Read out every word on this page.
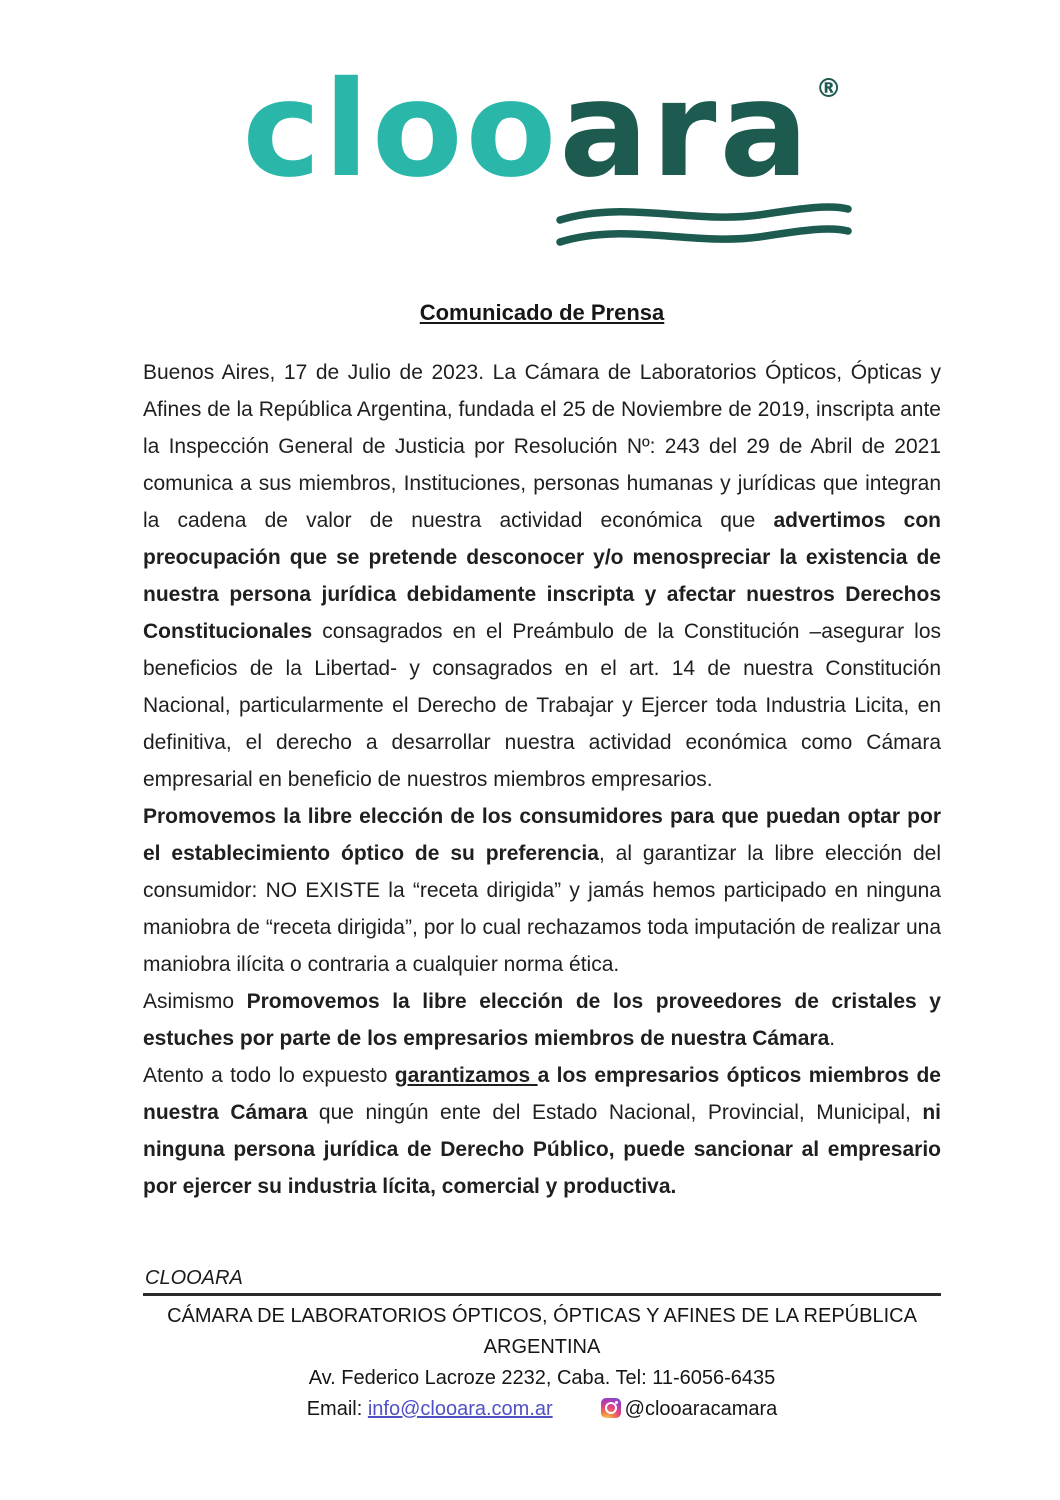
clooara ®
Comunicado de Prensa

Buenos Aires, 17 de Julio de 2023. La Cámara de Laboratorios Ópticos, Ópticas y Afines de la República Argentina, fundada el 25 de Noviembre de 2019, inscripta ante la Inspección General de Justicia por Resolución Nº: 243 del 29 de Abril de 2021 comunica a sus miembros, Instituciones, personas humanas y jurídicas que integran la cadena de valor de nuestra actividad económica que advertimos con preocupación que se pretende desconocer y/o menospreciar la existencia de nuestra persona jurídica debidamente inscripta y afectar nuestros Derechos Constitucionales consagrados en el Preámbulo de la Constitución –asegurar los beneficios de la Libertad- y consagrados en el art. 14 de nuestra Constitución Nacional, particularmente el Derecho de Trabajar y Ejercer toda Industria Licita, en definitiva, el derecho a desarrollar nuestra actividad económica como Cámara empresarial en beneficio de nuestros miembros empresarios.

Promovemos la libre elección de los consumidores para que puedan optar por el establecimiento óptico de su preferencia, al garantizar la libre elección del consumidor: NO EXISTE la “receta dirigida” y jamás hemos participado en ninguna maniobra de “receta dirigida”, por lo cual rechazamos toda imputación de realizar una maniobra ilícita o contraria a cualquier norma ética.

Asimismo Promovemos la libre elección de los proveedores de cristales y estuches por parte de los empresarios miembros de nuestra Cámara.

Atento a todo lo expuesto garantizamos a los empresarios ópticos miembros de nuestra Cámara que ningún ente del Estado Nacional, Provincial, Municipal, ni ninguna persona jurídica de Derecho Público, puede sancionar al empresario por ejercer su industria lícita, comercial y productiva.

CLOOARA
CÁMARA DE LABORATORIOS ÓPTICOS, ÓPTICAS Y AFINES DE LA REPÚBLICA ARGENTINA
Av. Federico Lacroze 2232, Caba. Tel: 11-6056-6435
Email: info@clooara.com.ar	@clooaracamara
